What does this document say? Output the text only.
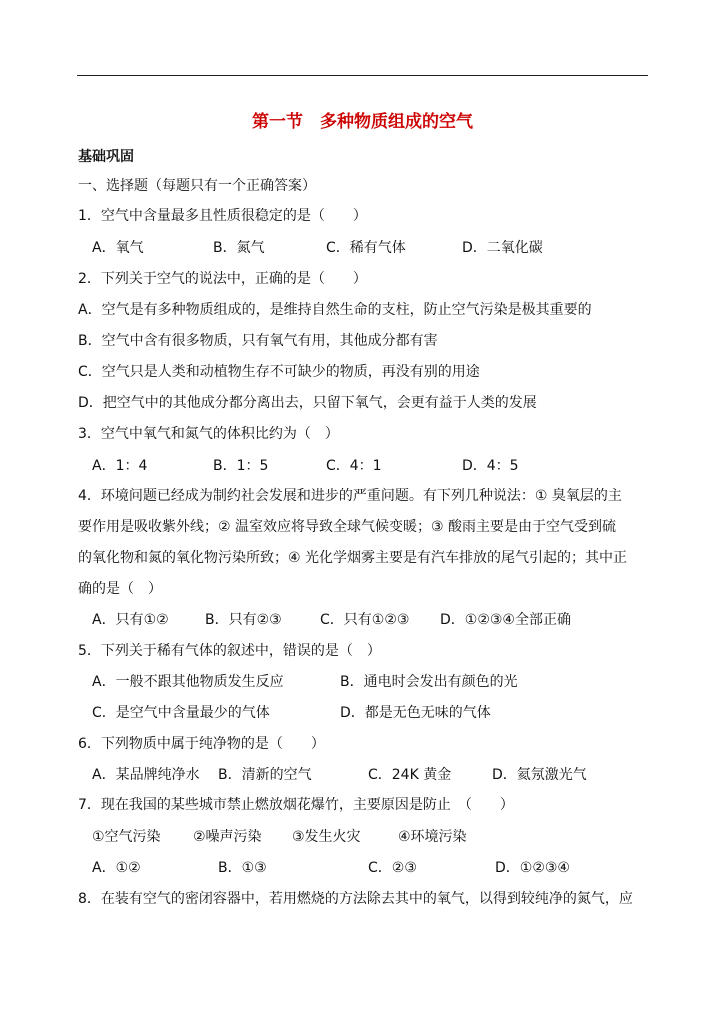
第一节　多种物质组成的空气
基础巩固
一、选择题（每题只有一个正确答案）
1．空气中含量最多且性质很稳定的是（　　）
A．氧气	B．氮气	C．稀有气体	D．二氧化碳
2．下列关于空气的说法中，正确的是（　　）
A．空气是有多种物质组成的，是维持自然生命的支柱，防止空气污染是极其重要的
B．空气中含有很多物质，只有氧气有用，其他成分都有害
C．空气只是人类和动植物生存不可缺少的物质，再没有别的用途
D．把空气中的其他成分都分离出去，只留下氧气，会更有益于人类的发展
3．空气中氧气和氮气的体积比约为（　）
A．1：4	B．1：5	C．4：1	D．4：5
4．环境问题已经成为制约社会发展和进步的严重问题。有下列几种说法：① 臭氧层的主
要作用是吸收紫外线；② 温室效应将导致全球气候变暖；③ 酸雨主要是由于空气受到硫
的氧化物和氮的氧化物污染所致；④ 光化学烟雾主要是有汽车排放的尾气引起的；其中正
确的是（　）
A．只有①②	B．只有②③	C．只有①②③ D．①②③④全部正确
5．下列关于稀有气体的叙述中，错误的是（　）
A．一般不跟其他物质发生反应	B．通电时会发出有颜色的光
C．是空气中含量最少的气体	D．都是无色无味的气体
6．下列物质中属于纯净物的是（　　）
A．某品牌纯净水 B．清新的空气	C．24K 黄金	D．氦氖激光气
7．现在我国的某些城市禁止燃放烟花爆竹，主要原因是防止　（　　）
①空气污染 ②噪声污染 ③发生火灾	④环境污染
A．①②	B．①③	C．②③	D．①②③④
8．在装有空气的密闭容器中，若用燃烧的方法除去其中的氧气，以得到较纯净的氮气，应
